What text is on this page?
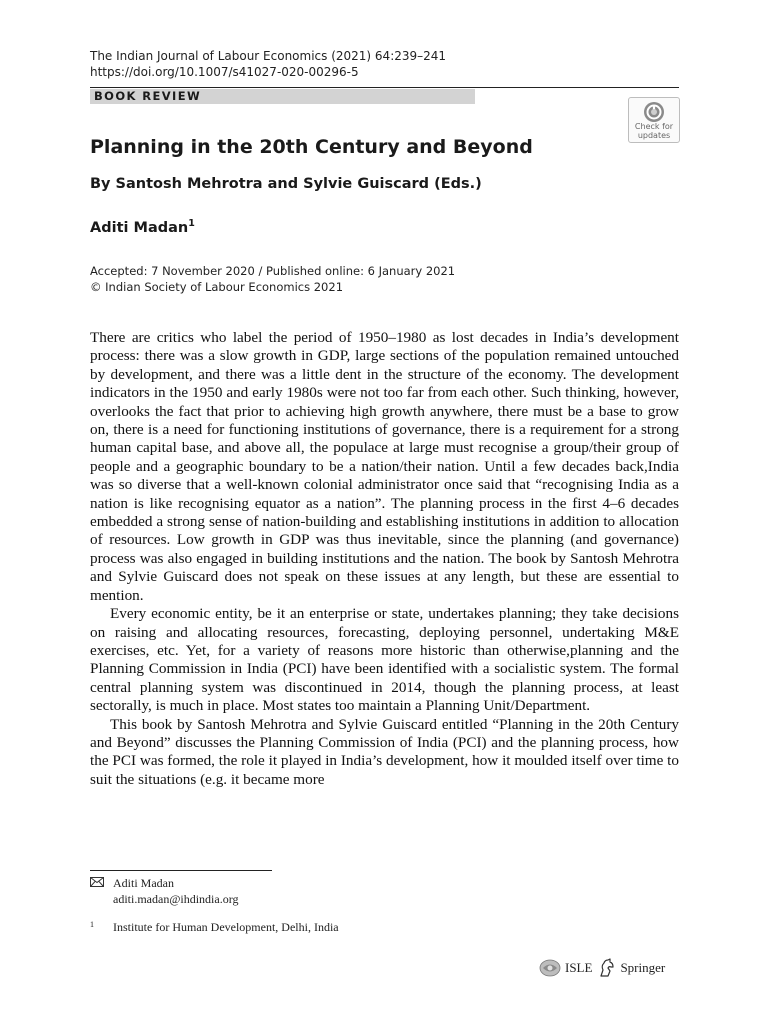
The Indian Journal of Labour Economics (2021) 64:239–241
https://doi.org/10.1007/s41027-020-00296-5
BOOK REVIEW
Check for
updates
Planning in the 20th Century and Beyond
By Santosh Mehrotra and Sylvie Guiscard (Eds.)
Aditi Madan$^1$
Accepted: 7 November 2020 / Published online: 6 January 2021
© Indian Society of Labour Economics 2021

There are critics who label the period of 1950–1980 as lost decades in India’s development process: there was a slow growth in GDP, large sections of the population remained untouched by development, and there was a little dent in the structure of the economy. The development indicators in the 1950 and early 1980s were not too far from each other. Such thinking, however, overlooks the fact that prior to achieving high growth anywhere, there must be a base to grow on, there is a need for functioning institutions of governance, there is a requirement for a strong human capital base, and above all, the populace at large must recognise a group/their group of people and a geographic boundary to be a nation/their nation. Until a few decades back,India was so diverse that a well-known colonial administrator once said that “recognising India as a nation is like recognising equator as a nation”. The planning process in the first 4–6 decades embedded a strong sense of nation-building and establishing institutions in addition to allocation of resources. Low growth in GDP was thus inevitable, since the planning (and governance) process was also engaged in building institutions and the nation. The book by Santosh Mehrotra and Sylvie Guiscard does not speak on these issues at any length, but these are essential to mention.

Every economic entity, be it an enterprise or state, undertakes planning; they take decisions on raising and allocating resources, forecasting, deploying personnel, undertaking M&E exercises, etc. Yet, for a variety of reasons more historic than otherwise,planning and the Planning Commission in India (PCI) have been identified with a socialistic system. The formal central planning system was discontinued in 2014, though the planning process, at least sectorally, is much in place. Most states too maintain a Planning Unit/Department.

This book by Santosh Mehrotra and Sylvie Guiscard entitled “Planning in the 20th Century and Beyond” discusses the Planning Commission of India (PCI) and the planning process, how the PCI was formed, the role it played in India’s development, how it moulded itself over time to suit the situations (e.g. it became more

Aditi Madan
aditi.madan@ihdindia.org
1 Institute for Human Development, Delhi, India
ISLE Springer
